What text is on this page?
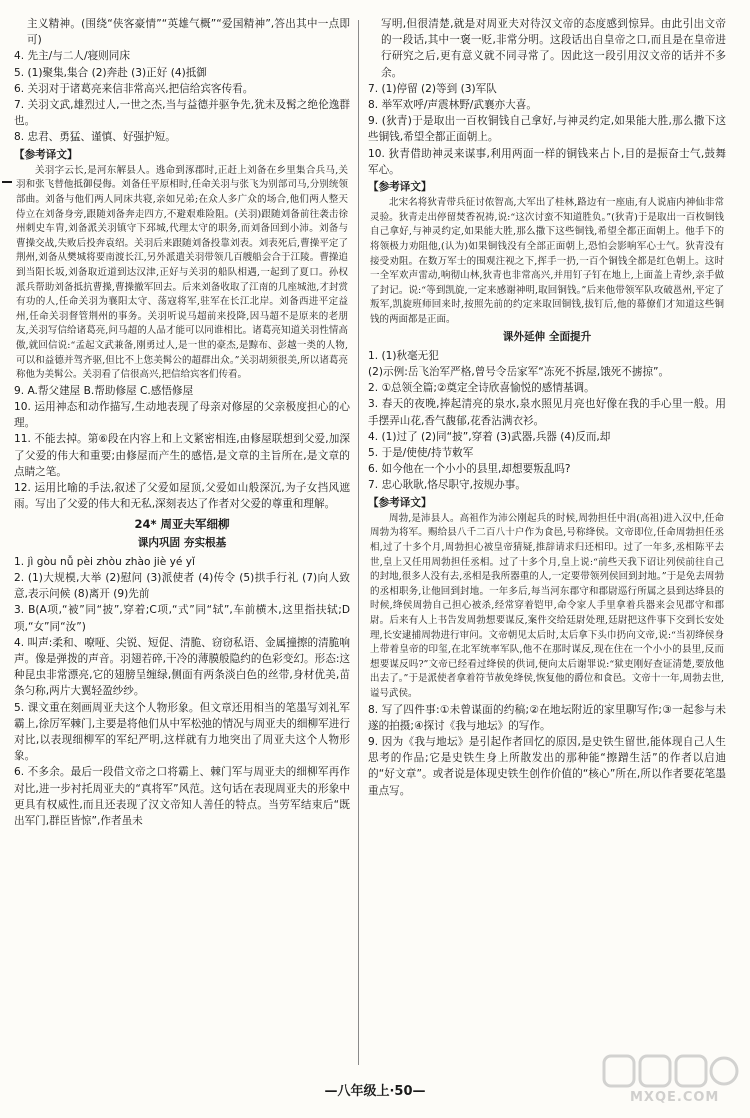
主义精神。(围绕“侠客豪情”“英雄气概”“爱国精神”,答出其中一点即可)

4. 先主/与二人/寝则同床

5. (1)聚集,集合 (2)奔赴 (3)正好 (4)抵御

6. 关羽对于诸葛亮来信非常高兴,把信给宾客传看。

7. 关羽文武,雄烈过人,一世之杰,当与益德并驱争先,犹未及髯之绝伦逸群也。

8. 忠君、勇猛、谨慎、好强护短。

【参考译文】

关羽字云长,是河东解县人。逃命到涿郡时,正赶上刘备在乡里集合兵马,关羽和张飞替他抵御侵侮。刘备任平原相时,任命关羽与张飞为别部司马,分别统领部曲。刘备与他们两人同床共寝,亲如兄弟;在众人多广众的场合,他们两人整天侍立在刘备身旁,跟随刘备奔走四方,不避艰难险阻。(关羽)跟随刘备前往袭击徐州刺史车胄,刘备派关羽镇守下邳城,代理太守的职务,而刘备回到小沛。刘备与曹操交战,失败后投奔袁绍。关羽后来跟随刘备投靠刘表。刘表死后,曹操平定了荆州,刘备从樊城将要南渡长江,另外派遣关羽带领几百艘船会合于江陵。曹操追到当阳长坂,刘备取近道到达汉津,正好与关羽的船队相遇,一起到了夏口。孙权派兵帮助刘备抵抗曹操,曹操撤军回去。后来刘备收取了江南的几座城池,才封赏有功的人,任命关羽为襄阳太守、荡寇将军,驻军在长江北岸。刘备西进平定益州,任命关羽督管荆州的事务。关羽听说马超前来投降,因马超不是原来的老朋友,关羽写信给诸葛亮,问马超的人品才能可以同谁相比。诸葛亮知道关羽性情高傲,就回信说:“孟起文武兼备,刚勇过人,是一世的豪杰,是黥布、彭越一类的人物,可以和益德并驾齐驱,但比不上您美髯公的超群出众。”关羽胡须很美,所以诸葛亮称他为美髯公。关羽看了信很高兴,把信给宾客们传看。

9. A.帮父建屋 B.帮助修屋 C.感悟修屋

10. 运用神态和动作描写,生动地表现了母亲对修屋的父亲极度担心的心理。

11. 不能去掉。第⑥段在内容上和上文紧密相连,由修屋联想到父爱,加深了父爱的伟大和重要;由修屋而产生的感悟,是文章的主旨所在,是文章的点睛之笔。

12. 运用比喻的手法,叙述了父爱如屋顶,父爱如山般深沉,为子女挡风遮雨。写出了父爱的伟大和无私,深刻表达了作者对父爱的尊重和理解。

24* 周亚夫军细柳

课内巩固 夯实根基

1. jì gòu nǚ pèi zhòu zhào jiè yé yǐ

2. (1)大规模,大举 (2)慰问 (3)派使者 (4)传令 (5)拱手行礼 (7)向人致意,表示问候 (8)离开 (9)先前

3. B(A项,“被”同“披”,穿着;C项,“式”同“轼”,车前横木,这里指扶轼;D项,“女”同“汝”)

4. 叫声:柔和、嘹哑、尖锐、短促、清脆、窃窃私语、金属撞擦的清脆响声。像是弹拨的声音。羽翅若碎,干冷的薄膜般隐约的色彩变幻。形态:这种昆虫非常漂亮,它的翅膀呈缠绿,侧面有两条淡白色的丝带,身材优美,苗条匀称,两片大翼轻盈纱纱。

5. 课文重在刻画周亚夫这个人物形象。但文章还用相当的笔墨写刘礼军霸上,徐厉军棘门,主要是将他们从中军松弛的情况与周亚夫的细柳军进行对比,以表现细柳军的军纪严明,这样就有力地突出了周亚夫这个人物形象。

6. 不多余。最后一段借文帝之口将霸上、棘门军与周亚夫的细柳军再作对比,进一步衬托周亚夫的“真将军”风范。这句话在表现周亚夫的形象中更具有权威性,而且还表现了汉文帝知人善任的特点。当劳军结束后“既出军门,群臣皆惊”,作者虽未

写明,但很清楚,就是对周亚夫对待汉文帝的态度感到惊异。由此引出文帝的一段话,其中一褒一贬,非常分明。这段话出自皇帝之口,而且是在皇帝进行研究之后,更有意义就不同寻常了。因此这一段引用汉文帝的话并不多余。

7. (1)停留 (2)等到 (3)军队

8. 举军欢呼/声震林野/武襄亦大喜。

9. (狄青)于是取出一百枚铜钱自己拿好,与神灵约定,如果能大胜,那么撒下这些铜钱,希望全都正面朝上。

10. 狄青借助神灵来谋事,利用两面一样的铜钱来占卜,目的是振奋士气,鼓舞军心。

【参考译文】

北宋名将狄青带兵征讨侬智高,大军出了桂林,路边有一座庙,有人说庙内神仙非常灵验。狄青走出停留焚香祝祷,说:“这次讨蛮不知道胜负。”(狄青)于是取出一百枚铜钱自己拿好,与神灵约定,如果能大胜,那么撒下这些铜钱,希望全都正面朝上。他手下的将领极力劝阻他,(认为)如果铜钱没有全部正面朝上,恐怕会影响军心士气。狄青没有接受劝阻。在数万军士的围观注视之下,挥手一扔,一百个铜钱全都是红色朝上。这时一全军欢声雷动,响彻山林,狄青也非常高兴,并用钉子钉在地上,上面盖上青纱,亲手做了封记。说:“等到凯旋,一定来感谢神明,取回铜钱。”后来他带领军队攻破邕州,平定了叛军,凯旋班师回来时,按照先前的约定来取回铜钱,拔钉后,他的幕僚们才知道这些铜钱的两面都是正面。

课外延伸 全面提升

1. (1)秋毫无犯

(2)示例:岳飞治军严格,曾号令岳家军“冻死不拆屋,饿死不掳掠”。

2. ①总领全篇;②奠定全诗欣喜愉悦的感情基调。

3. 春天的夜晚,捧起清亮的泉水,泉水照见月亮也好像在我的手心里一般。用手摆弄山花,香气馥郁,花香沾满衣衫。

4. (1)过了 (2)同“披”,穿着 (3)武器,兵器 (4)反而,却

5. 于是/使使/持节敕军

6. 如今他在一个小小的县里,却想要叛乱吗?

7. 忠心耿耿,恪尽职守,按规办事。

【参考译文】

周勃,是沛县人。高祖作为沛公刚起兵的时候,周勃担任中涓(高祖)进入汉中,任命周勃为将军。赐给县八千二百八十户作为食邑,号称绛侯。文帝即位,任命周勃担任丞相,过了十多个月,周勃担心被皇帝猜疑,推辞请求归还相印。过了一年多,丞相陈平去世,皇上又任用周勃担任丞相。过了十多个月,皇上说:“前些天我下诏让列侯前往自己的封地,很多人没有去,丞相是我所器重的人,一定要带领列侯回到封地。”于是免去周勃的丞相职务,让他回到封地。一年多后,每当河东郡守和郡尉巡行所属之县到达绛县的时候,绛侯周勃自己担心被杀,经常穿着铠甲,命令家人手里拿着兵器来会见郡守和郡尉。后来有人上书告发周勃想要谋反,案件交给廷尉处理,廷尉把这件事下交到长安处理,长安逮捕周勃进行审问。文帝朝见太后时,太后拿下头巾扔向文帝,说:“当初绛侯身上带着皇帝的印玺,在北军统率军队,他不在那时谋反,现在住在一个小小的县里,反而想要谋反吗?”文帝已经看过绛侯的供词,便向太后谢罪说:“狱吏刚好查证清楚,要放他出去了。”于是派使者拿着符节赦免绛侯,恢复他的爵位和食邑。文帝十一年,周勃去世,谥号武侯。

8. 写了四件事:①未曾谋面的约稿;②在地坛附近的家里聊写作;③一起参与未遂的拍摄;④探讨《我与地坛》的写作。

9. 因为《我与地坛》是引起作者回忆的原因,是史铁生留世,能体现自己人生思考的作品;它是史铁生身上所散发出的那种能“擦蹭生活”的作者以启迪的“好文章”。或者说是体现史铁生创作价值的“核心”所在,所以作者要花笔墨重点写。

—八年级上·50—	MXQE.COM
